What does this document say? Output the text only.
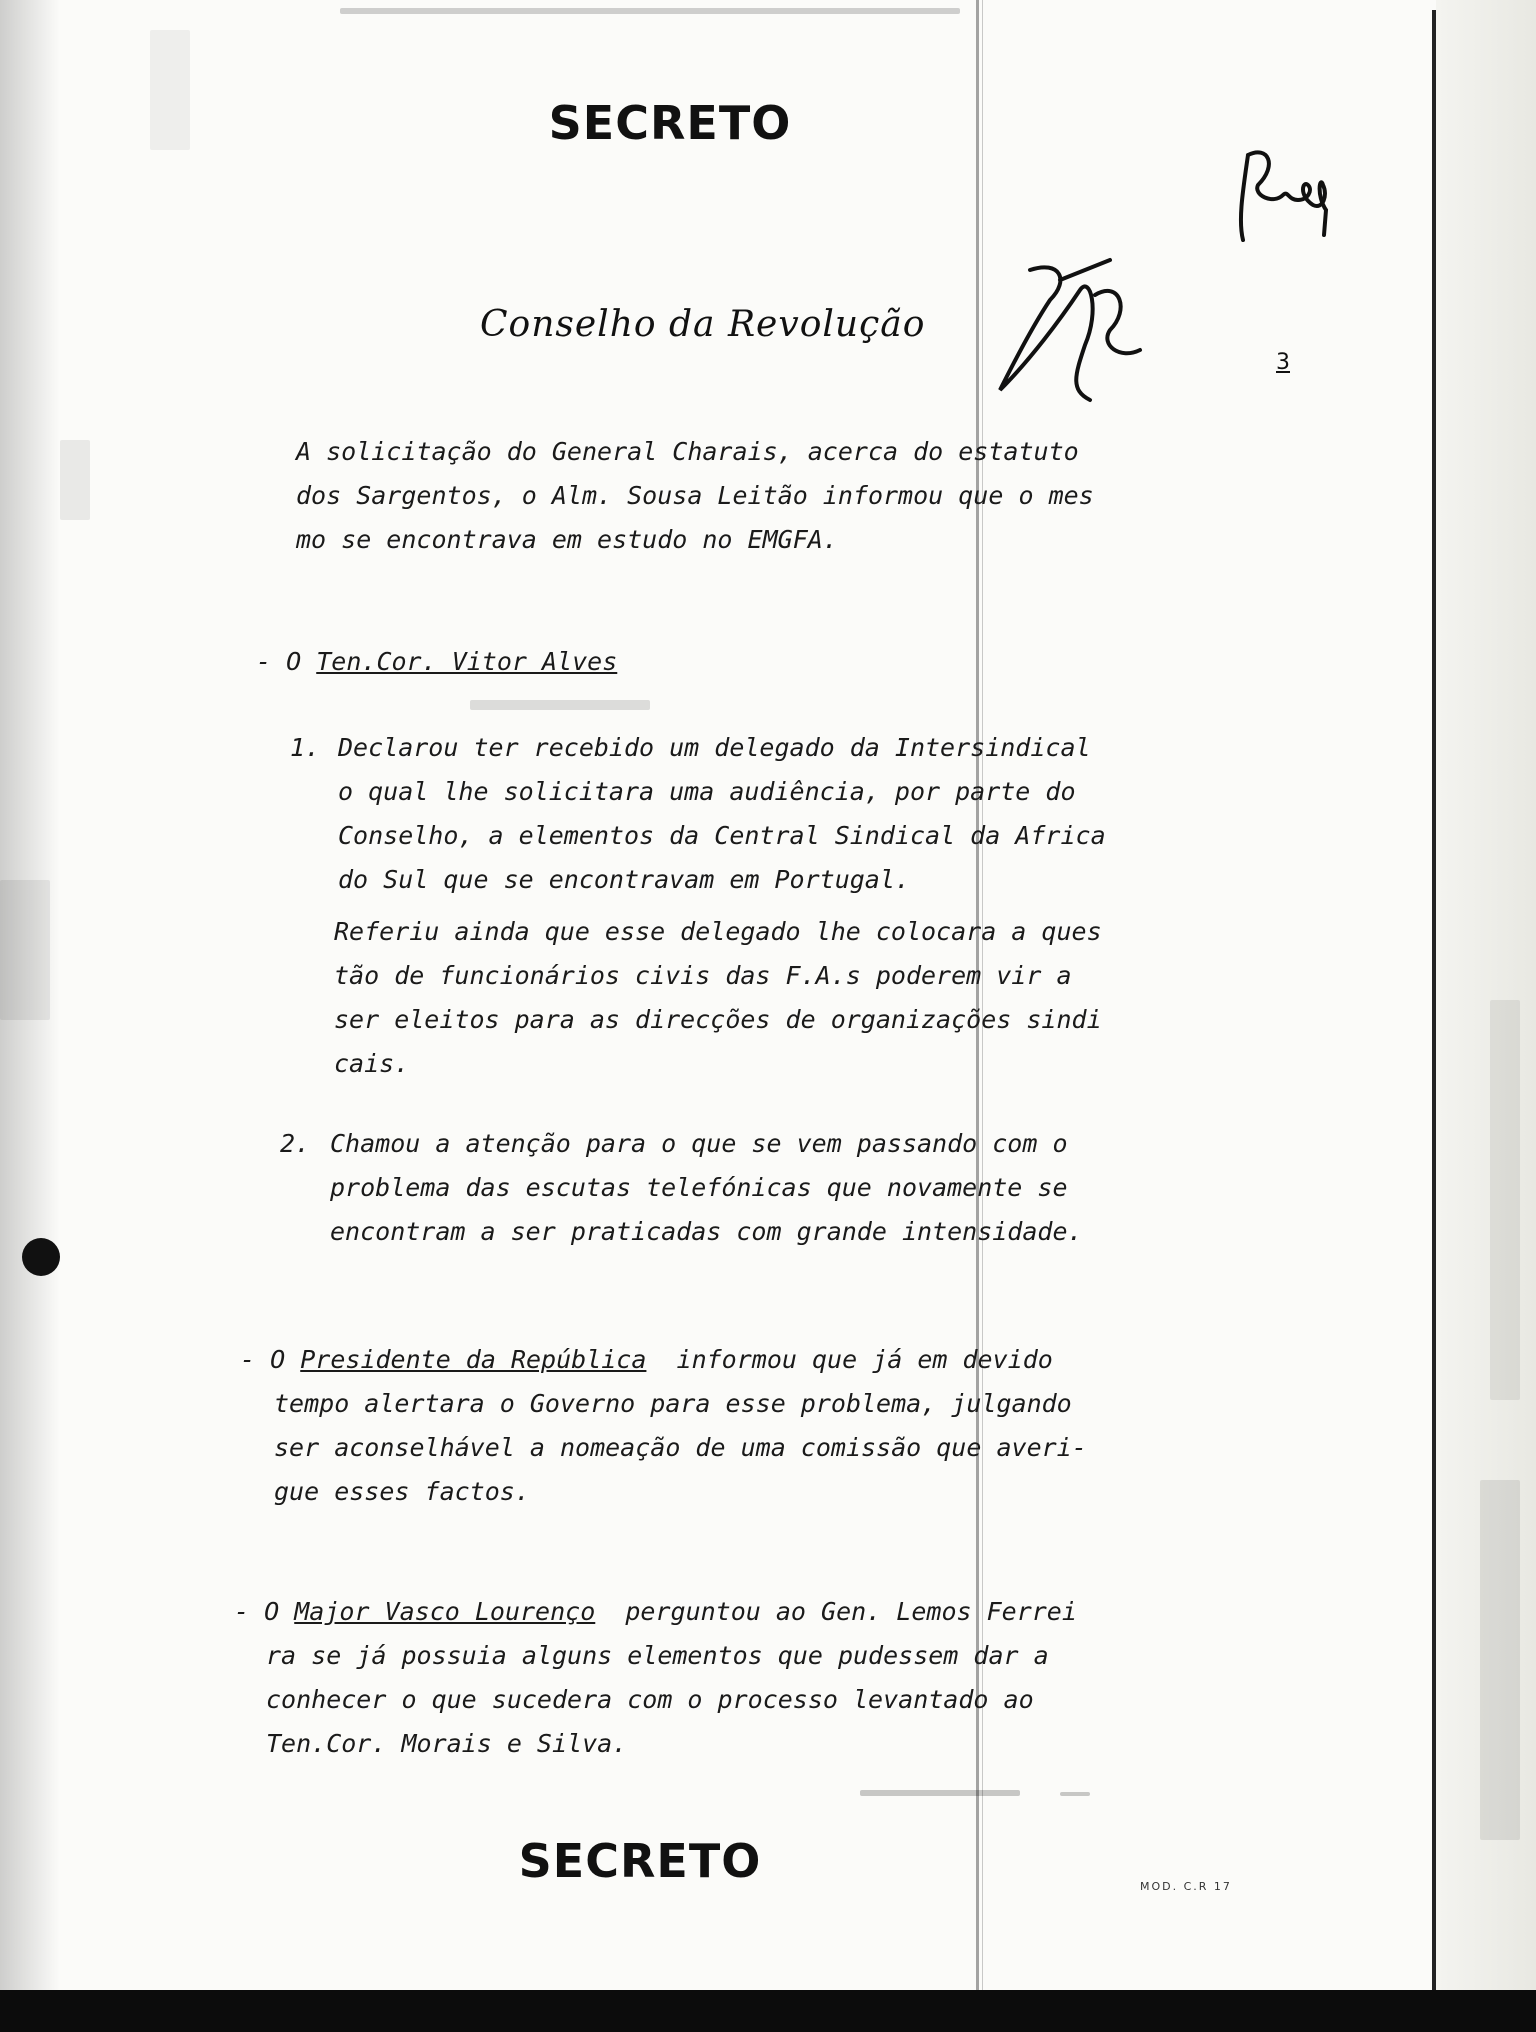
SECRETO
Conselho da Revolução
3
A solicitação do General Charais, acerca do estatuto
dos Sargentos, o Alm. Sousa Leitão informou que o mes
mo se encontrava em estudo no EMGFA.
- O Ten.Cor. Vitor Alves
1. Declarou ter recebido um delegado da Intersindical
o qual lhe solicitara uma audiência, por parte do
Conselho, a elementos da Central Sindical da Africa
do Sul que se encontravam em Portugal.
Referiu ainda que esse delegado lhe colocara a ques
tão de funcionários civis das F.A.s poderem vir a
ser eleitos para as direcções de organizações sindi
cais.
2. Chamou a atenção para o que se vem passando com o
problema das escutas telefónicas que novamente se
encontram a ser praticadas com grande intensidade.
- O Presidente da República  informou que já em devido
tempo alertara o Governo para esse problema, julgando
ser aconselhável a nomeação de uma comissão que averi-
gue esses factos.
- O Major Vasco Lourenço  perguntou ao Gen. Lemos Ferrei
ra se já possuia alguns elementos que pudessem dar a
conhecer o que sucedera com o processo levantado ao
Ten.Cor. Morais e Silva.
SECRETO	MOD. C.R 17
